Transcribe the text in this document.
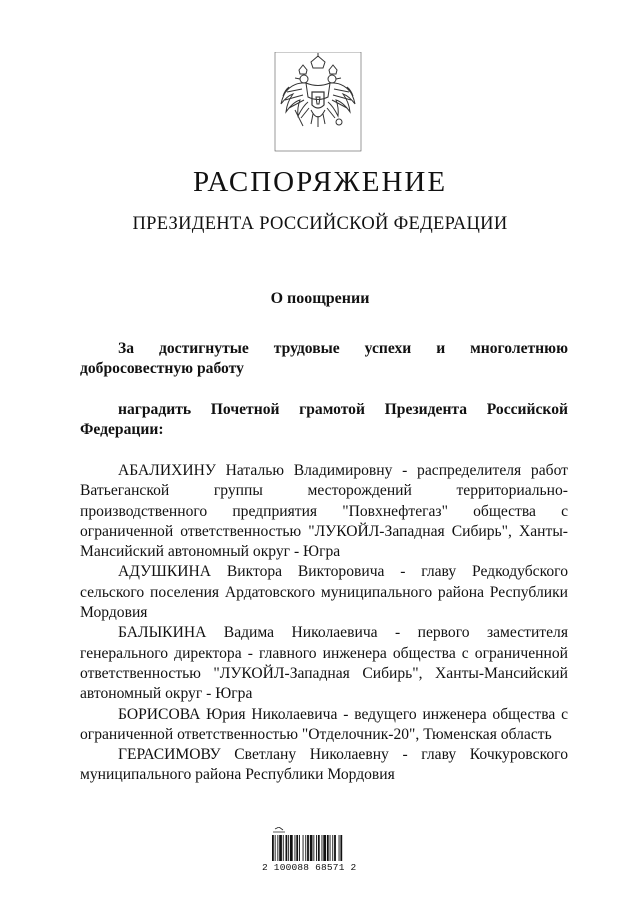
РАСПОРЯЖЕНИЕ
ПРЕЗИДЕНТА РОССИЙСКОЙ ФЕДЕРАЦИИ
О поощрении
За достигнутые трудовые успехи и многолетнюю добросовестную работу
наградить Почетной грамотой Президента Российской Федерации:

АБАЛИХИНУ Наталью Владимировну - распределителя работ Ватьеганской группы месторождений территориально-производственного предприятия "Повхнефтегаз" общества с ограниченной ответственностью "ЛУКОЙЛ-Западная Сибирь", Ханты-Мансийский автономный округ - Югра

АДУШКИНА Виктора Викторовича - главу Редкодубского сельского поселения Ардатовского муниципального района Республики Мордовия

БАЛЫКИНА Вадима Николаевича - первого заместителя генерального директора - главного инженера общества с ограниченной ответственностью "ЛУКОЙЛ-Западная Сибирь", Ханты-Мансийский автономный округ - Югра

БОРИСОВА Юрия Николаевича - ведущего инженера общества с ограниченной ответственностью "Отделочник-20", Тюменская область

ГЕРАСИМОВУ Светлану Николаевну - главу Кочкуровского муниципального района Республики Мордовия

2 100088 68571 2
